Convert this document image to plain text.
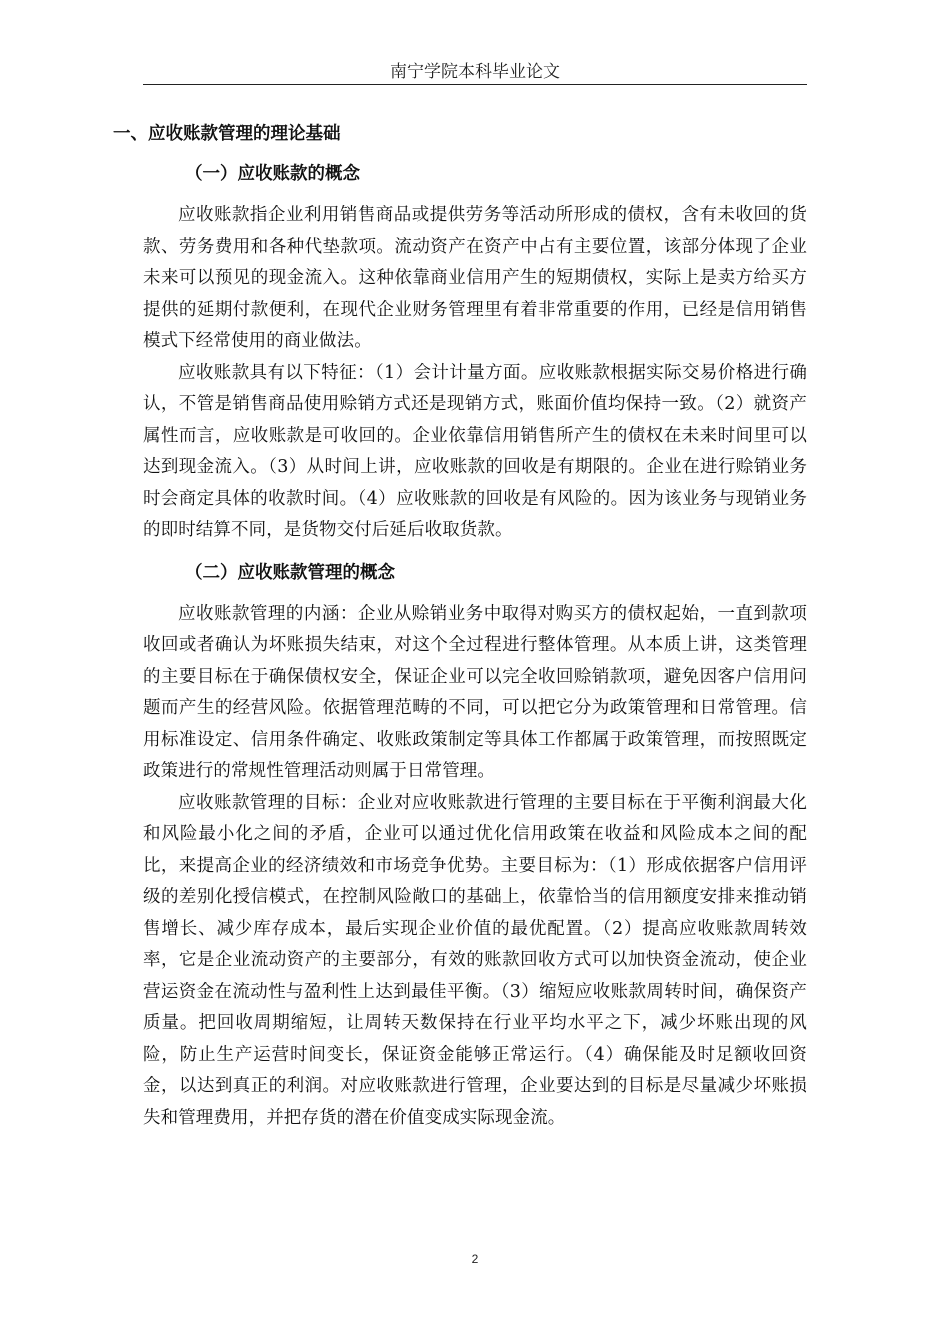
南宁学院本科毕业论文
一、应收账款管理的理论基础
（一）应收账款的概念

应收账款指企业利用销售商品或提供劳务等活动所形成的债权，含有未收回的货款、劳务费用和各种代垫款项。流动资产在资产中占有主要位置，该部分体现了企业未来可以预见的现金流入。这种依靠商业信用产生的短期债权，实际上是卖方给买方提供的延期付款便利，在现代企业财务管理里有着非常重要的作用，已经是信用销售模式下经常使用的商业做法。

应收账款具有以下特征：（1）会计计量方面。应收账款根据实际交易价格进行确认，不管是销售商品使用赊销方式还是现销方式，账面价值均保持一致。（2）就资产属性而言，应收账款是可收回的。企业依靠信用销售所产生的债权在未来时间里可以达到现金流入。（3）从时间上讲，应收账款的回收是有期限的。企业在进行赊销业务时会商定具体的收款时间。（4）应收账款的回收是有风险的。因为该业务与现销业务的即时结算不同，是货物交付后延后收取货款。

（二）应收账款管理的概念

应收账款管理的内涵：企业从赊销业务中取得对购买方的债权起始，一直到款项收回或者确认为坏账损失结束，对这个全过程进行整体管理。从本质上讲，这类管理的主要目标在于确保债权安全，保证企业可以完全收回赊销款项，避免因客户信用问题而产生的经营风险。依据管理范畴的不同，可以把它分为政策管理和日常管理。信用标准设定、信用条件确定、收账政策制定等具体工作都属于政策管理，而按照既定政策进行的常规性管理活动则属于日常管理。

应收账款管理的目标：企业对应收账款进行管理的主要目标在于平衡利润最大化和风险最小化之间的矛盾，企业可以通过优化信用政策在收益和风险成本之间的配比，来提高企业的经济绩效和市场竞争优势。主要目标为：（1）形成依据客户信用评级的差别化授信模式，在控制风险敞口的基础上，依靠恰当的信用额度安排来推动销售增长、减少库存成本，最后实现企业价值的最优配置。（2）提高应收账款周转效率，它是企业流动资产的主要部分，有效的账款回收方式可以加快资金流动，使企业营运资金在流动性与盈利性上达到最佳平衡。（3）缩短应收账款周转时间，确保资产质量。把回收周期缩短，让周转天数保持在行业平均水平之下，减少坏账出现的风险，防止生产运营时间变长，保证资金能够正常运行。（4）确保能及时足额收回资金，以达到真正的利润。对应收账款进行管理，企业要达到的目标是尽量减少坏账损失和管理费用，并把存货的潜在价值变成实际现金流。

2
